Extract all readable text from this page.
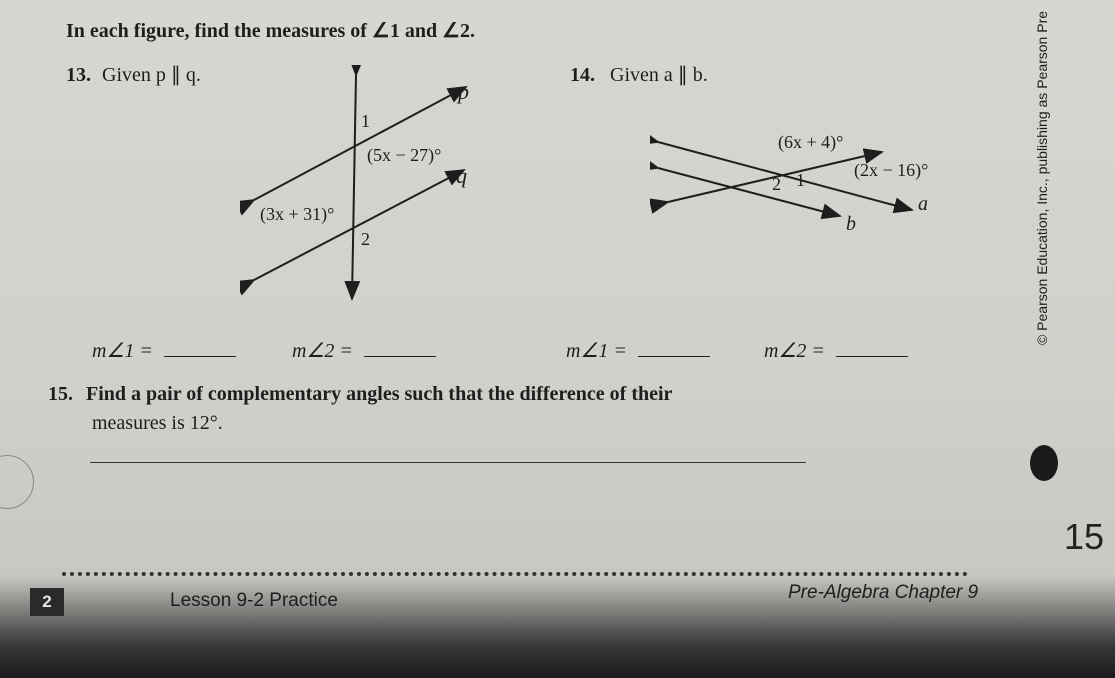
In each figure, find the measures of ∠1 and ∠2.
13. Given p ∥ q.
p
q
1
2
(5x − 27)°
(3x + 31)°
14. Given a ∥ b.
a
b
2 1
(6x + 4)°
(2x − 16)°
m∠1 =	m∠2 =	m∠1 =	m∠2 =
15. Find a pair of complementary angles such that the difference of their
measures is 12°.
© Pearson Education, Inc., publishing as Pearson Pre
15
2	Lesson 9-2 Practice	Pre-Algebra Chapter 9
